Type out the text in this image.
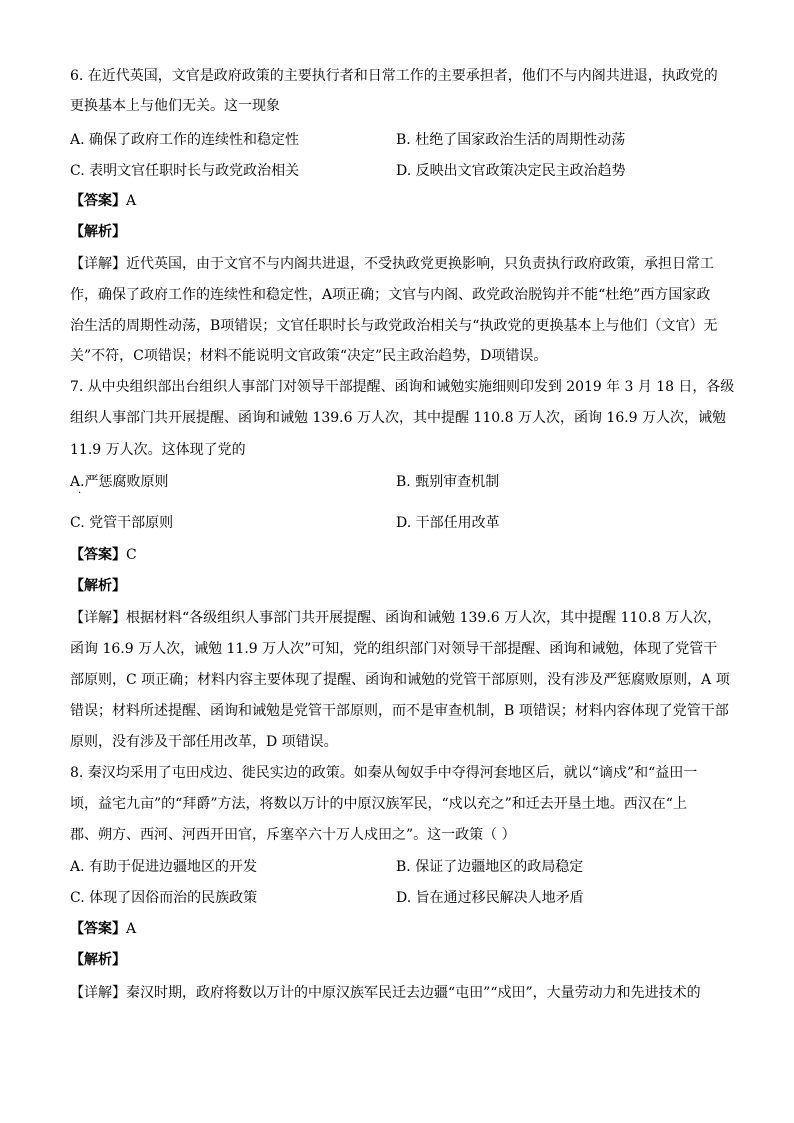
6. 在近代英国，文官是政府政策的主要执行者和日常工作的主要承担者，他们不与内阁共进退，执政党的
更换基本上与他们无关。这一现象
A. 确保了政府工作的连续性和稳定性	B. 杜绝了国家政治生活的周期性动荡
C. 表明文官任职时长与政党政治相关	D. 反映出文官政策决定民主政治趋势
【答案】A
【解析】
【详解】近代英国，由于文官不与内阁共进退，不受执政党更换影响，只负责执行政府政策，承担日常工
作，确保了政府工作的连续性和稳定性，A项正确；文官与内阁、政党政治脱钩并不能“杜绝”西方国家政
治生活的周期性动荡，B项错误；文官任职时长与政党政治相关与“执政党的更换基本上与他们（文官）无
关”不符，C项错误；材料不能说明文官政策“决定”民主政治趋势，D项错误。
7. 从中央组织部出台组织人事部门对领导干部提醒、函询和诫勉实施细则印发到 2019 年 3 月 18 日，各级
组织人事部门共开展提醒、函询和诫勉 139.6 万人次，其中提醒 110.8 万人次，函询 16.9 万人次，诫勉
11.9 万人次。这体现了党的
A.严惩腐败原则	B. 甄别审查机制
·
C. 党管干部原则	D. 干部任用改革
【答案】C
【解析】
【详解】根据材料“各级组织人事部门共开展提醒、函询和诫勉 139.6 万人次，其中提醒 110.8 万人次，
函询 16.9 万人次，诫勉 11.9 万人次”可知，党的组织部门对领导干部提醒、函询和诫勉，体现了党管干
部原则，C 项正确；材料内容主要体现了提醒、函询和诫勉的党管干部原则，没有涉及严惩腐败原则，A 项
错误；材料所述提醒、函询和诫勉是党管干部原则，而不是审查机制，B 项错误；材料内容体现了党管干部
原则，没有涉及干部任用改革，D 项错误。
8. 秦汉均采用了屯田戍边、徙民实边的政策。如秦从匈奴手中夺得河套地区后，就以“谪戍”和“益田一
顷，益宅九亩”的“拜爵”方法，将数以万计的中原汉族军民，“戍以充之”和迁去开垦土地。西汉在“上
郡、朔方、西河、河西开田官，斥塞卒六十万人戍田之”。这一政策（ ）
A. 有助于促进边疆地区的开发	B. 保证了边疆地区的政局稳定
C. 体现了因俗而治的民族政策	D. 旨在通过移民解决人地矛盾
【答案】A
【解析】
【详解】秦汉时期，政府将数以万计的中原汉族军民迁去边疆“屯田”“戍田”，大量劳动力和先进技术的
